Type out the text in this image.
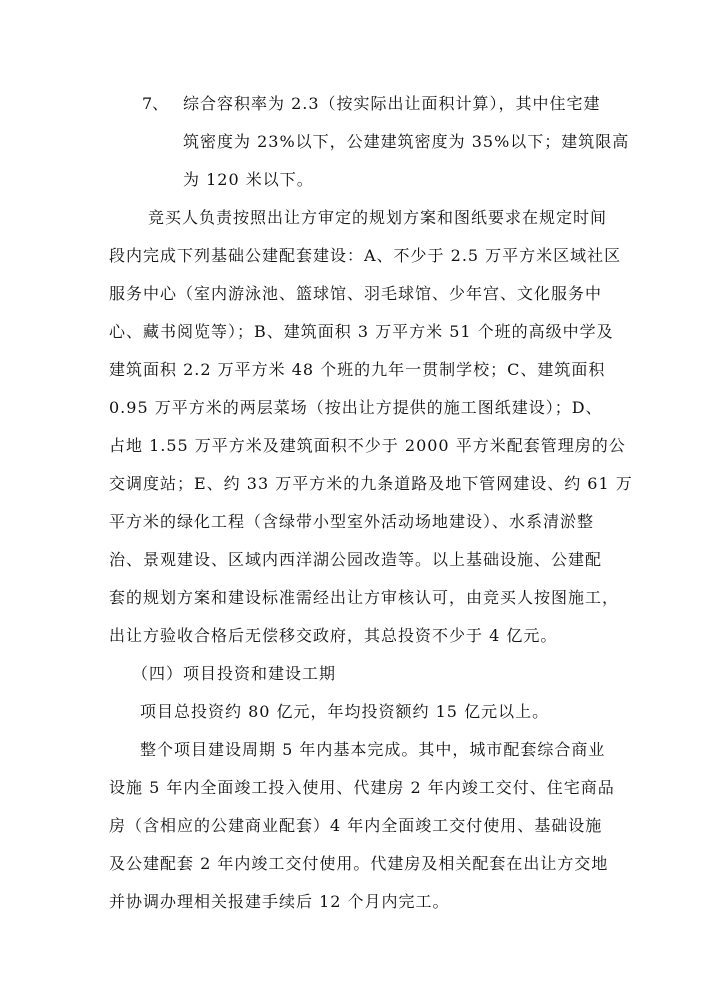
7、 综合容积率为 2.3（按实际出让面积计算），其中住宅建
筑密度为 23%以下，公建建筑密度为 35%以下；建筑限高
为 120 米以下。
竞买人负责按照出让方审定的规划方案和图纸要求在规定时间
段内完成下列基础公建配套建设：A、不少于 2.5 万平方米区域社区
服务中心（室内游泳池、篮球馆、羽毛球馆、少年宫、文化服务中
心、藏书阅览等）；B、建筑面积 3 万平方米 51 个班的高级中学及
建筑面积 2.2 万平方米 48 个班的九年一贯制学校；C、建筑面积
0.95 万平方米的两层菜场（按出让方提供的施工图纸建设）；D、
占地 1.55 万平方米及建筑面积不少于 2000 平方米配套管理房的公
交调度站；E、约 33 万平方米的九条道路及地下管网建设、约 61 万
平方米的绿化工程（含绿带小型室外活动场地建设）、水系清淤整
治、景观建设、区域内西洋湖公园改造等。以上基础设施、公建配
套的规划方案和建设标准需经出让方审核认可，由竞买人按图施工，
出让方验收合格后无偿移交政府，其总投资不少于 4 亿元。
（四）项目投资和建设工期
项目总投资约 80 亿元，年均投资额约 15 亿元以上。
整个项目建设周期 5 年内基本完成。其中，城市配套综合商业
设施 5 年内全面竣工投入使用、代建房 2 年内竣工交付、住宅商品
房（含相应的公建商业配套）4 年内全面竣工交付使用、基础设施
及公建配套 2 年内竣工交付使用。代建房及相关配套在出让方交地
并协调办理相关报建手续后 12 个月内完工。
